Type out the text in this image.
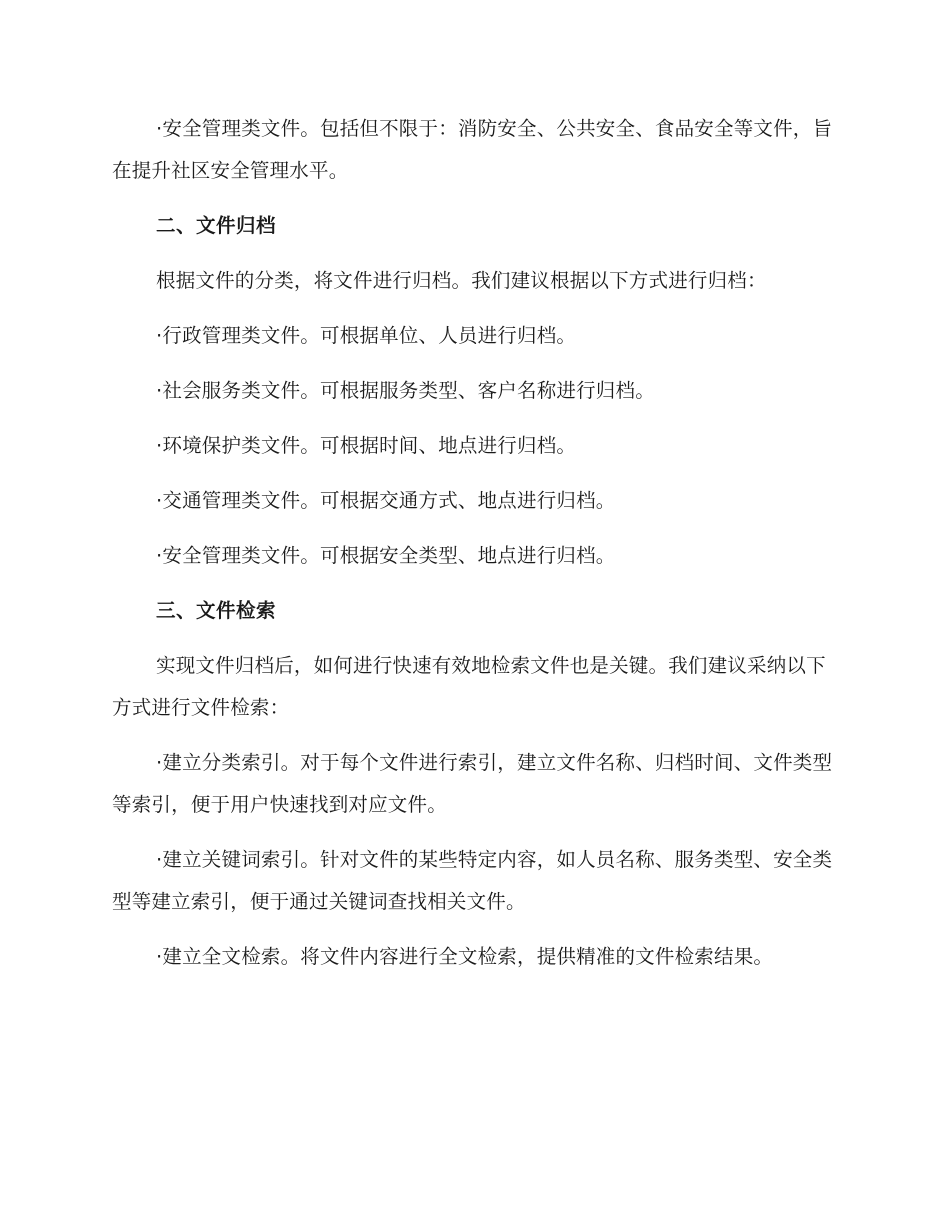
·安全管理类文件。包括但不限于：消防安全、公共安全、食品安全等文件，旨在提升社区安全管理水平。

二、文件归档

根据文件的分类，将文件进行归档。我们建议根据以下方式进行归档：

·行政管理类文件。可根据单位、人员进行归档。

·社会服务类文件。可根据服务类型、客户名称进行归档。

·环境保护类文件。可根据时间、地点进行归档。

·交通管理类文件。可根据交通方式、地点进行归档。

·安全管理类文件。可根据安全类型、地点进行归档。

三、文件检索

实现文件归档后，如何进行快速有效地检索文件也是关键。我们建议采纳以下方式进行文件检索：

·建立分类索引。对于每个文件进行索引，建立文件名称、归档时间、文件类型等索引，便于用户快速找到对应文件。

·建立关键词索引。针对文件的某些特定内容，如人员名称、服务类型、安全类型等建立索引，便于通过关键词查找相关文件。

·建立全文检索。将文件内容进行全文检索，提供精准的文件检索结果。
